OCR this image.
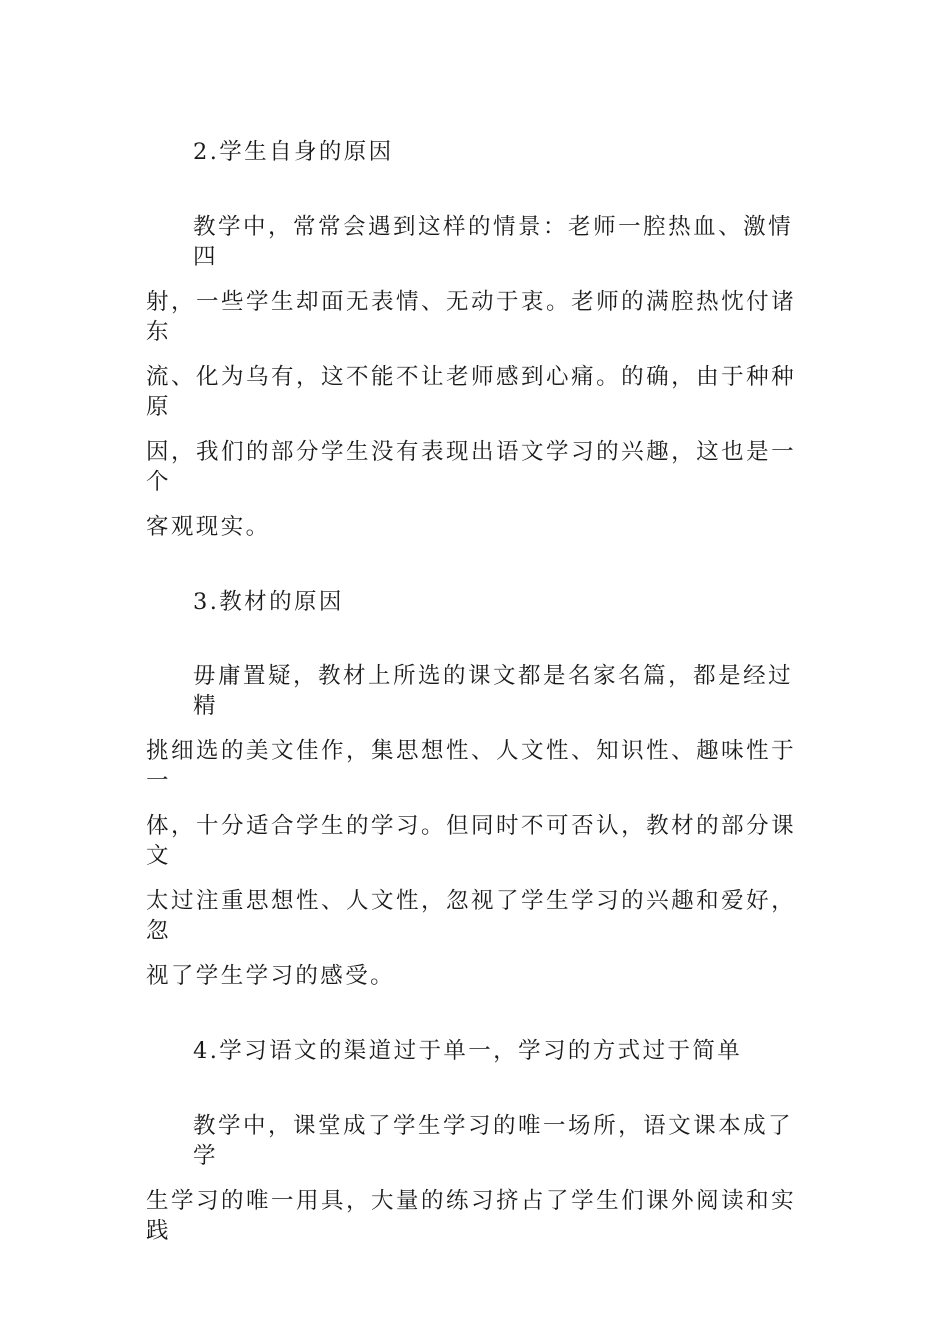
2.学生自身的原因
教学中，常常会遇到这样的情景：老师一腔热血、激情四
射，一些学生却面无表情、无动于衷。老师的满腔热忱付诸东
流、化为乌有，这不能不让老师感到心痛。的确，由于种种原
因，我们的部分学生没有表现出语文学习的兴趣，这也是一个
客观现实。
3.教材的原因
毋庸置疑，教材上所选的课文都是名家名篇，都是经过精
挑细选的美文佳作，集思想性、人文性、知识性、趣味性于一
体，十分适合学生的学习。但同时不可否认，教材的部分课文
太过注重思想性、人文性，忽视了学生学习的兴趣和爱好，忽
视了学生学习的感受。
4.学习语文的渠道过于单一，学习的方式过于简单
教学中，课堂成了学生学习的唯一场所，语文课本成了学
生学习的唯一用具，大量的练习挤占了学生们课外阅读和实践
